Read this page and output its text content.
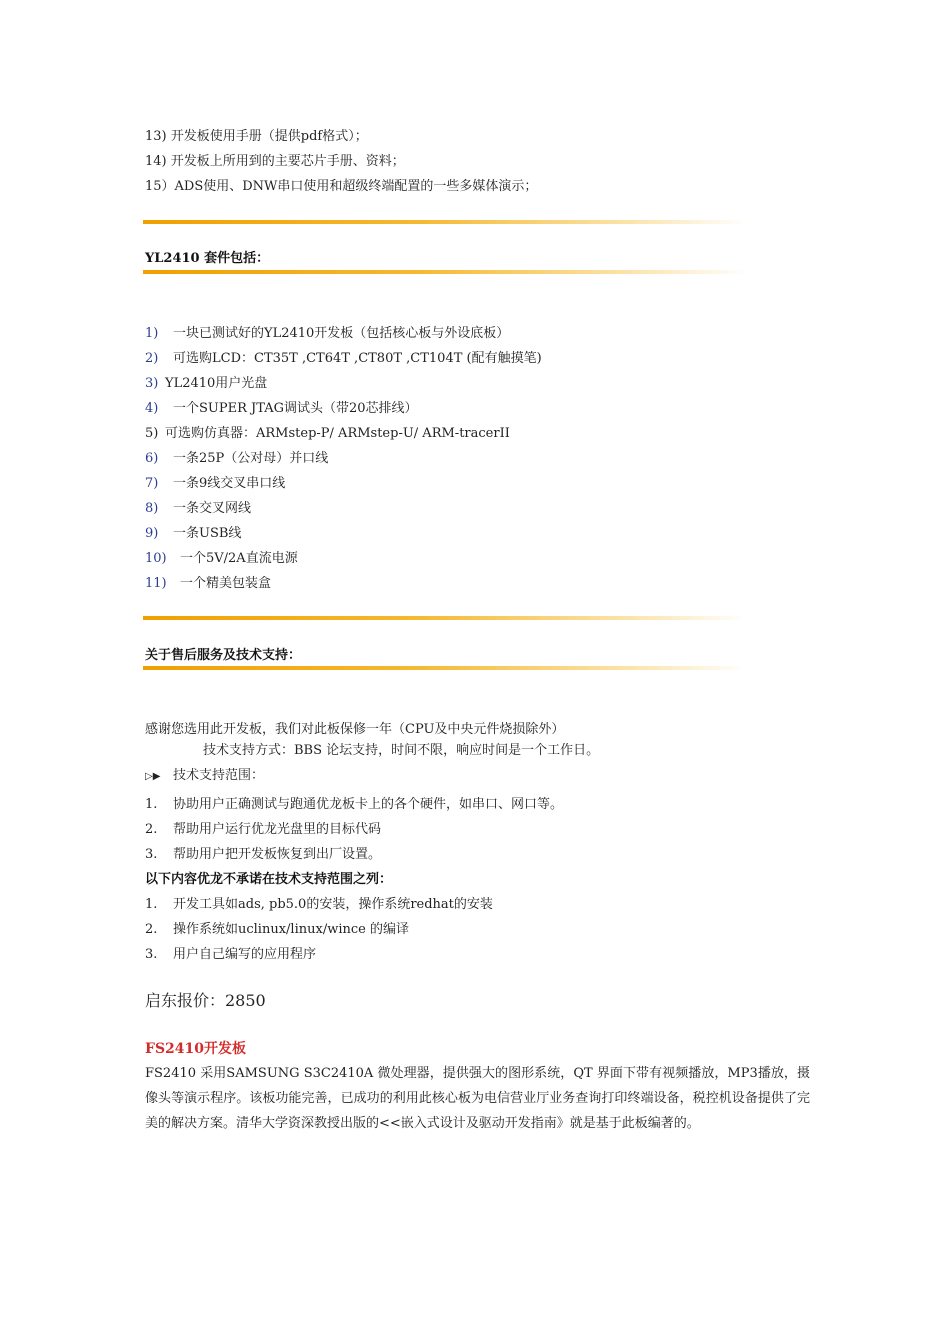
13) 开发板使用手册（提供pdf格式）；
14) 开发板上所用到的主要芯片手册、资料；
15）ADS使用、DNW串口使用和超级终端配置的一些多媒体演示；
YL2410 套件包括：
1) 一块已测试好的YL2410开发板（包括核心板与外设底板）
2) 可选购LCD：CT35T ,CT64T ,CT80T ,CT104T (配有触摸笔)
3) YL2410用户光盘
4) 一个SUPER JTAG调试头（带20芯排线）
5) 可选购仿真器：ARMstep-P/ ARMstep-U/ ARM-tracerII
6) 一条25P（公对母）并口线
7) 一条9线交叉串口线
8) 一条交叉网线
9) 一条USB线
10) 一个5V/2A直流电源
11) 一个精美包装盒
关于售后服务及技术支持：
感谢您选用此开发板，我们对此板保修一年（CPU及中央元件烧损除外）
技术支持方式：BBS 论坛支持，时间不限，响应时间是一个工作日。
▷▶ 技术支持范围：
1. 协助用户正确测试与跑通优龙板卡上的各个硬件，如串口、网口等。
2. 帮助用户运行优龙光盘里的目标代码
3. 帮助用户把开发板恢复到出厂设置。
以下内容优龙不承诺在技术支持范围之列：
1. 开发工具如ads, pb5.0的安装，操作系统redhat的安装
2. 操作系统如uclinux/linux/wince 的编译
3. 用户自己编写的应用程序
启东报价：2850
FS2410开发板
FS2410 采用SAMSUNG S3C2410A 微处理器，提供强大的图形系统，QT 界面下带有视频播放，MP3播放，摄像头等演示程序。该板功能完善，已成功的利用此核心板为电信营业厅业务查询打印终端设备，税控机设备提供了完美的解决方案。清华大学资深教授出版的<<嵌入式设计及驱动开发指南》就是基于此板编著的。
